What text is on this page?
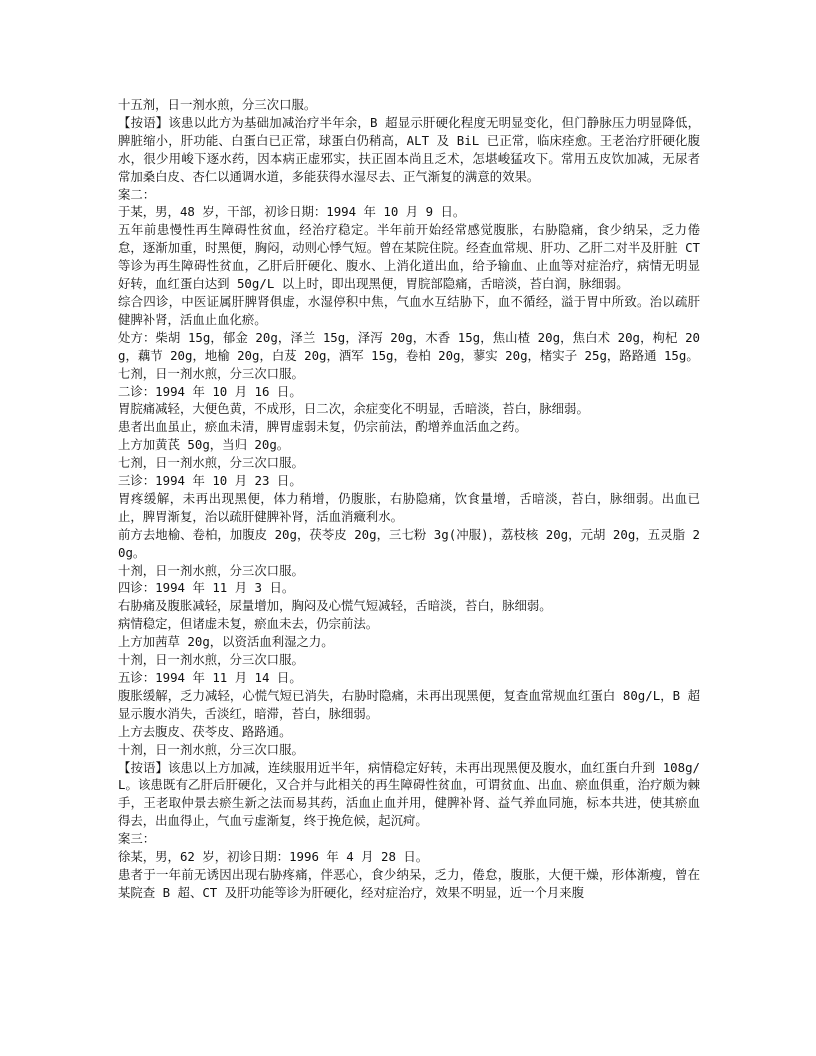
十五剂，日一剂水煎，分三次口服。

【按语】该患以此方为基础加减治疗半年余，B 超显示肝硬化程度无明显变化，但门静脉压力明显降低，脾脏缩小，肝功能、白蛋白已正常，球蛋白仍稍高，ALT 及 BiL 已正常，临床痊愈。王老治疗肝硬化腹水，很少用峻下逐水药，因本病正虚邪实，扶正固本尚且乏术，怎堪峻猛攻下。常用五皮饮加减，无尿者常加桑白皮、杏仁以通调水道，多能获得水湿尽去、正气渐复的满意的效果。

案二：

于某，男，48 岁，干部，初诊日期：1994 年 10 月 9 日。

五年前患慢性再生障碍性贫血，经治疗稳定。半年前开始经常感觉腹胀，右胁隐痛，食少纳呆，乏力倦怠，逐渐加重，时黑便，胸闷，动则心悸气短。曾在某院住院。经查血常规、肝功、乙肝二对半及肝脏 CT 等诊为再生障碍性贫血，乙肝后肝硬化、腹水、上消化道出血，给予输血、止血等对症治疗，病情无明显好转，血红蛋白达到 50g/L 以上时，即出现黑便，胃脘部隐痛，舌暗淡，苔白润，脉细弱。

综合四诊，中医证属肝脾肾俱虚，水湿停积中焦，气血水互结胁下，血不循经，溢于胃中所致。治以疏肝健脾补肾，活血止血化瘀。

处方：柴胡 15g，郁金 20g，泽兰 15g，泽泻 20g，木香 15g，焦山楂 20g，焦白术 20g，枸杞 20g，藕节 20g，地榆 20g，白芨 20g，酒军 15g，卷柏 20g，蓼实 20g，楮实子 25g，路路通 15g。

七剂，日一剂水煎，分三次口服。

二诊：1994 年 10 月 16 日。

胃脘痛减轻，大便色黄，不成形，日二次，余症变化不明显，舌暗淡，苔白，脉细弱。

患者出血虽止，瘀血未清，脾胃虚弱未复，仍宗前法，酌增养血活血之药。

上方加黄芪 50g，当归 20g。

七剂，日一剂水煎，分三次口服。

三诊：1994 年 10 月 23 日。

胃疼缓解，未再出现黑便，体力稍增，仍腹胀，右胁隐痛，饮食量增，舌暗淡，苔白，脉细弱。出血已止，脾胃渐复，治以疏肝健脾补肾，活血消癥利水。

前方去地榆、卷柏，加腹皮 20g，茯苓皮 20g，三七粉 3g(冲服)，荔枝核 20g，元胡 20g，五灵脂 20g。

十剂，日一剂水煎，分三次口服。

四诊：1994 年 11 月 3 日。

右胁痛及腹胀减轻，尿量增加，胸闷及心慌气短减轻，舌暗淡，苔白，脉细弱。

病情稳定，但诸虚未复，瘀血未去，仍宗前法。

上方加茜草 20g，以资活血利湿之力。

十剂，日一剂水煎，分三次口服。

五诊：1994 年 11 月 14 日。

腹胀缓解，乏力减轻，心慌气短已消失，右胁时隐痛，未再出现黑便，复查血常规血红蛋白 80g/L，B 超显示腹水消失，舌淡红，暗滞，苔白，脉细弱。

上方去腹皮、茯苓皮、路路通。

十剂，日一剂水煎，分三次口服。

【按语】该患以上方加减，连续服用近半年，病情稳定好转，未再出现黑便及腹水，血红蛋白升到 108g/L。该患既有乙肝后肝硬化，又合并与此相关的再生障碍性贫血，可谓贫血、出血、瘀血俱重，治疗颇为棘手，王老取仲景去瘀生新之法而易其药，活血止血并用，健脾补肾、益气养血同施，标本共进，使其瘀血得去，出血得止，气血亏虚渐复，终于挽危候，起沉疴。

案三：

徐某，男，62 岁，初诊日期：1996 年 4 月 28 日。

患者于一年前无诱因出现右胁疼痛，伴恶心，食少纳呆，乏力，倦怠，腹胀，大便干燥，形体渐瘦，曾在某院查 B 超、CT 及肝功能等诊为肝硬化，经对症治疗，效果不明显，近一个月来腹
